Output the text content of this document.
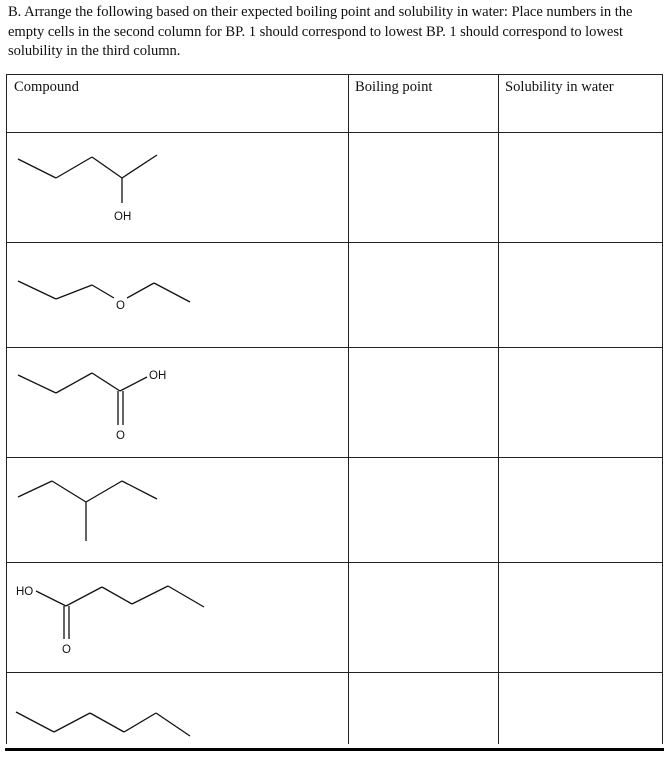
B. Arrange the following based on their expected boiling point and solubility in water: Place numbers in the empty cells in the second column for BP. 1 should correspond to lowest BP. 1 should correspond to lowest solubility in the third column.
Compound	Boiling point	Solubility in water
OH
O
OH
O
HO
O
